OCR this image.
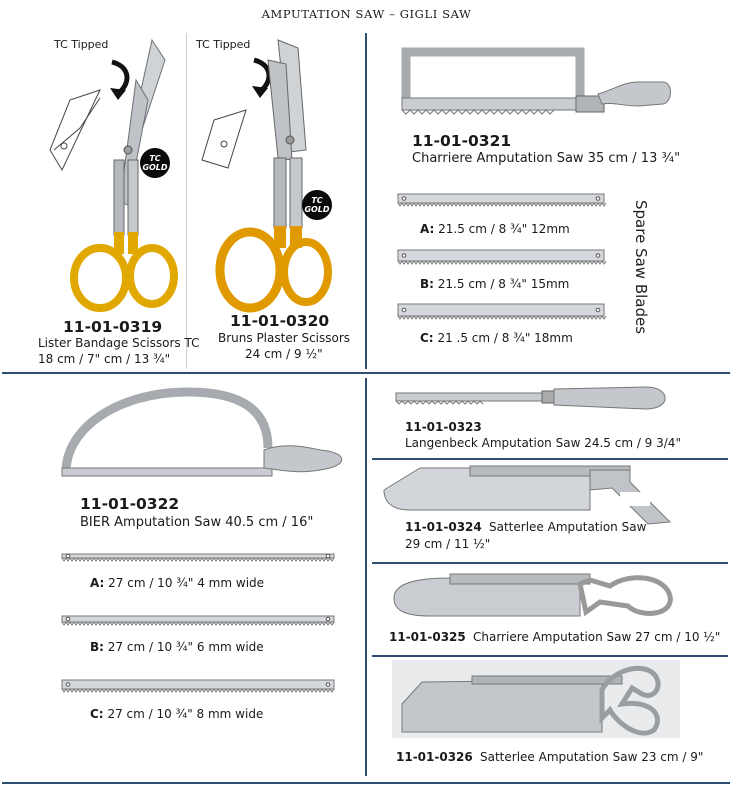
AMPUTATION SAW – GIGLI SAW
TC Tipped
TC
GOLD
11-01-0319
Lister Bandage Scissors TC
18 cm / 7" cm / 13 ¾"
TC Tipped
TC
GOLD
11-01-0320
Bruns Plaster Scissors
24 cm / 9 ½"
11-01-0321
Charriere Amputation Saw 35 cm / 13 ¾"
A: 21.5 cm / 8 ¾" 12mm
B: 21.5 cm / 8 ¾" 15mm
C: 21 .5 cm / 8 ¾" 18mm
Spare Saw Blades
11-01-0322
BIER Amputation Saw 40.5 cm / 16"
A: 27 cm / 10 ¾" 4 mm wide
B: 27 cm / 10 ¾" 6 mm wide
C: 27 cm / 10 ¾" 8 mm wide
11-01-0323
Langenbeck Amputation Saw 24.5 cm / 9 3/4"
11-01-0324 Satterlee Amputation Saw
29 cm / 11 ½"
11-01-0325 Charriere Amputation Saw 27 cm / 10 ½"
11-01-0326 Satterlee Amputation Saw 23 cm / 9"
